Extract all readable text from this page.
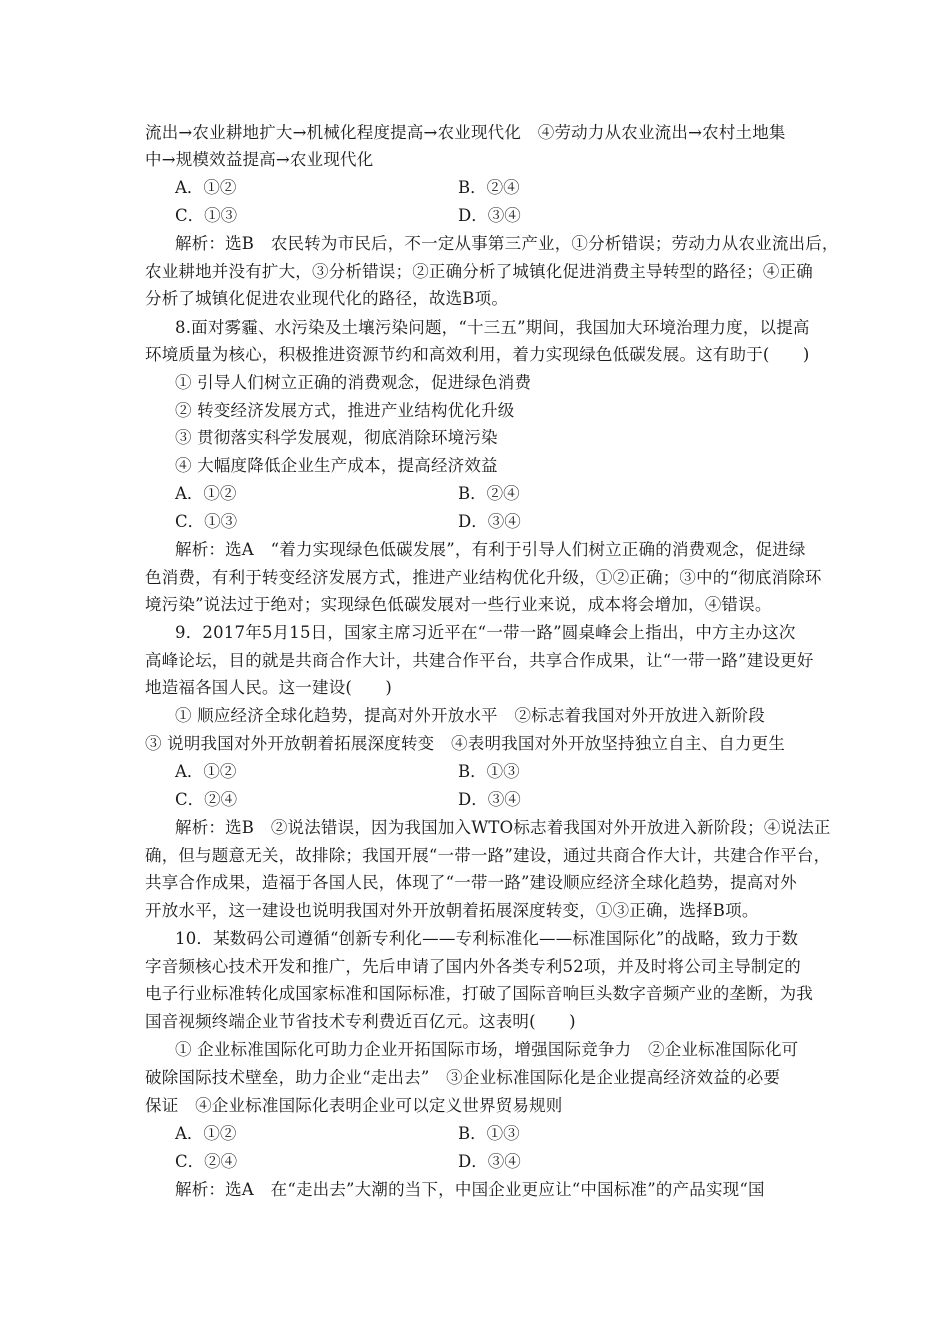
流出→农业耕地扩大→机械化程度提高→农业现代化　④劳动力从农业流出→农村土地集
中→规模效益提高→农业现代化
A．①②	B．②④
C．①③	D．③④
解析：选B　农民转为市民后，不一定从事第三产业，①分析错误；劳动力从农业流出后，
农业耕地并没有扩大，③分析错误；②正确分析了城镇化促进消费主导转型的路径；④正确
分析了城镇化促进农业现代化的路径，故选B项。
8.面对雾霾、水污染及土壤污染问题，“十三五”期间，我国加大环境治理力度，以提高
环境质量为核心，积极推进资源节约和高效利用，着力实现绿色低碳发展。这有助于(　　)
① 引导人们树立正确的消费观念，促进绿色消费
② 转变经济发展方式，推进产业结构优化升级
③ 贯彻落实科学发展观，彻底消除环境污染
④ 大幅度降低企业生产成本，提高经济效益
A．①②	B．②④
C．①③	D．③④
解析：选A　“着力实现绿色低碳发展”，有利于引导人们树立正确的消费观念，促进绿
色消费，有利于转变经济发展方式，推进产业结构优化升级，①②正确；③中的“彻底消除环
境污染”说法过于绝对；实现绿色低碳发展对一些行业来说，成本将会增加，④错误。
9．2017年5月15日，国家主席习近平在“一带一路”圆桌峰会上指出，中方主办这次
高峰论坛，目的就是共商合作大计，共建合作平台，共享合作成果，让“一带一路”建设更好
地造福各国人民。这一建设(　　)
① 顺应经济全球化趋势，提高对外开放水平　②标志着我国对外开放进入新阶段
③ 说明我国对外开放朝着拓展深度转变　④表明我国对外开放坚持独立自主、自力更生
A．①②	B．①③
C．②④	D．③④
解析：选B　②说法错误，因为我国加入WTO标志着我国对外开放进入新阶段；④说法正
确，但与题意无关，故排除；我国开展“一带一路”建设，通过共商合作大计，共建合作平台，
共享合作成果，造福于各国人民，体现了“一带一路”建设顺应经济全球化趋势，提高对外
开放水平，这一建设也说明我国对外开放朝着拓展深度转变，①③正确，选择B项。
10．某数码公司遵循“创新专利化——专利标准化——标准国际化”的战略，致力于数
字音频核心技术开发和推广，先后申请了国内外各类专利52项，并及时将公司主导制定的
电子行业标准转化成国家标准和国际标准，打破了国际音响巨头数字音频产业的垄断，为我
国音视频终端企业节省技术专利费近百亿元。这表明(　　)
① 企业标准国际化可助力企业开拓国际市场，增强国际竞争力　②企业标准国际化可
破除国际技术壁垒，助力企业“走出去”　③企业标准国际化是企业提高经济效益的必要
保证　④企业标准国际化表明企业可以定义世界贸易规则
A．①②	B．①③
C．②④	D．③④
解析：选A　在“走出去”大潮的当下，中国企业更应让“中国标准”的产品实现“国
